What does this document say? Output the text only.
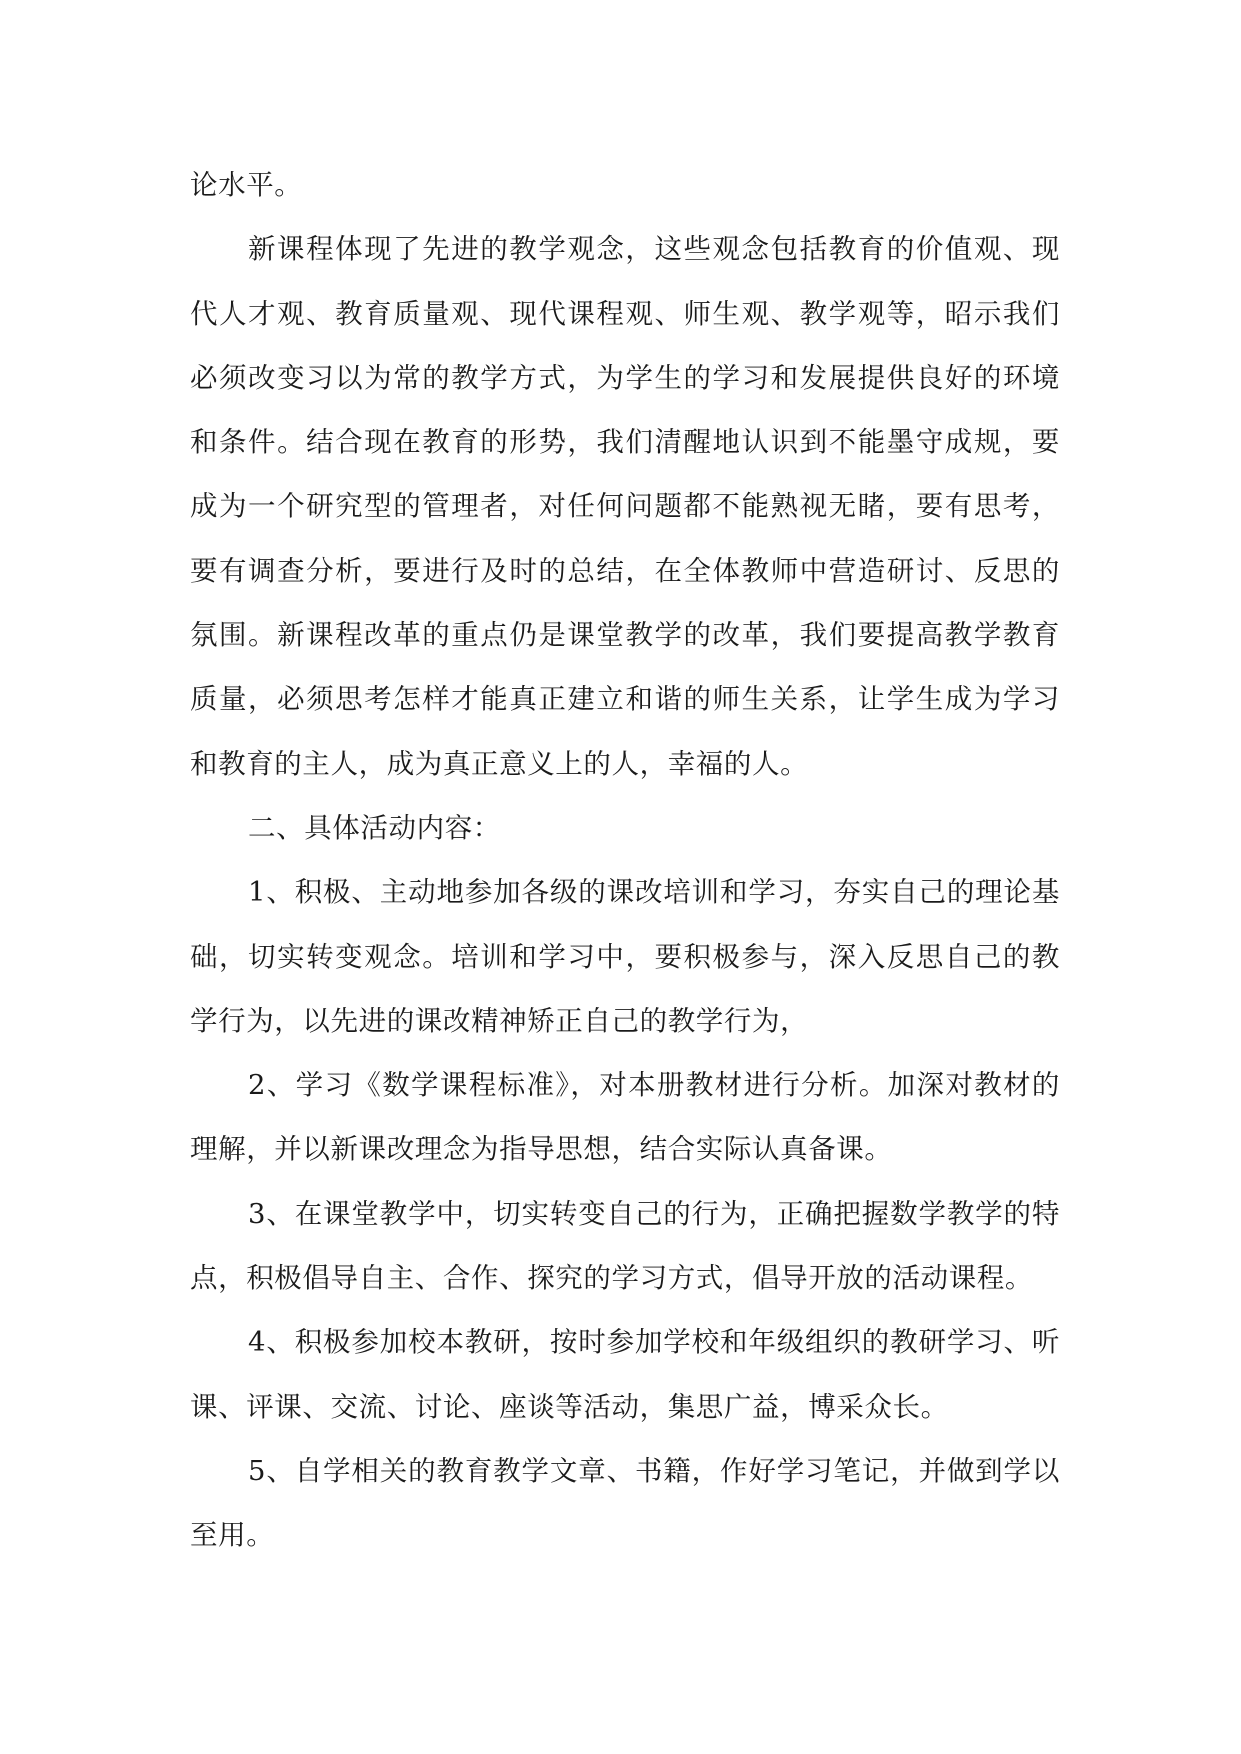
论水平。

新课程体现了先进的教学观念，这些观念包括教育的价值观、现代人才观、教育质量观、现代课程观、师生观、教学观等，昭示我们必须改变习以为常的教学方式，为学生的学习和发展提供良好的环境和条件。结合现在教育的形势，我们清醒地认识到不能墨守成规，要成为一个研究型的管理者，对任何问题都不能熟视无睹，要有思考，要有调查分析，要进行及时的总结，在全体教师中营造研讨、反思的氛围。新课程改革的重点仍是课堂教学的改革，我们要提高教学教育质量，必须思考怎样才能真正建立和谐的师生关系，让学生成为学习和教育的主人，成为真正意义上的人，幸福的人。

二、具体活动内容：

1、积极、主动地参加各级的课改培训和学习，夯实自己的理论基础，切实转变观念。培训和学习中，要积极参与，深入反思自己的教学行为，以先进的课改精神矫正自己的教学行为，

2、学习《数学课程标准》，对本册教材进行分析。加深对教材的理解，并以新课改理念为指导思想，结合实际认真备课。

3、在课堂教学中，切实转变自己的行为，正确把握数学教学的特点，积极倡导自主、合作、探究的学习方式，倡导开放的活动课程。

4、积极参加校本教研，按时参加学校和年级组织的教研学习、听课、评课、交流、讨论、座谈等活动，集思广益，博采众长。

5、自学相关的教育教学文章、书籍，作好学习笔记，并做到学以至用。
